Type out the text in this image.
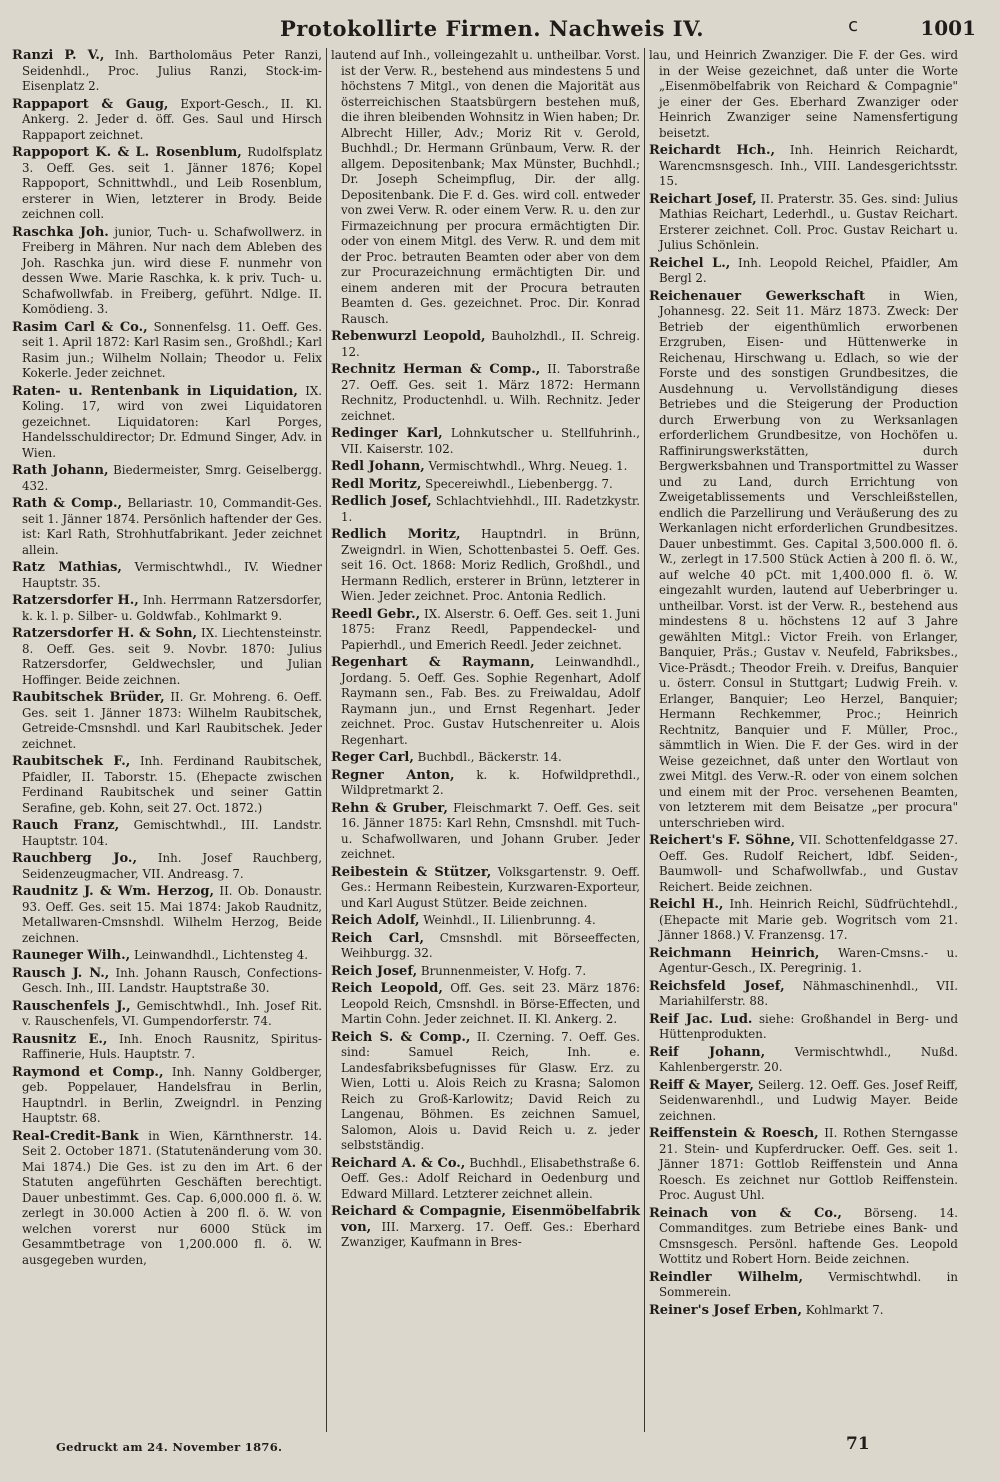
Protokollirte Firmen. Nachweis IV.	c	1001

Ranzi P. V., Inh. Bartholomäus Peter Ranzi, Seidenhdl., Proc. Julius Ranzi, Stock-im-Eisenplatz 2.

Rappaport & Gaug, Export-Gesch., II. Kl. Ankerg. 2. Jeder d. öff. Ges. Saul und Hirsch Rappaport zeichnet.

Rappoport K. & L. Rosenblum, Rudolfsplatz 3. Oeff. Ges. seit 1. Jänner 1876; Kopel Rappoport, Schnittwhdl., und Leib Rosenblum, ersterer in Wien, letzterer in Brody. Beide zeichnen coll.

Raschka Joh. junior, Tuch- u. Schafwollwerz. in Freiberg in Mähren. Nur nach dem Ableben des Joh. Raschka jun. wird diese F. nunmehr von dessen Wwe. Marie Raschka, k. k priv. Tuch- u. Schafwollwfab. in Freiberg, geführt. Ndlge. II. Komödieng. 3.

Rasim Carl & Co., Sonnenfelsg. 11. Oeff. Ges. seit 1. April 1872: Karl Rasim sen., Großhdl.; Karl Rasim jun.; Wilhelm Nollain; Theodor u. Felix Kokerle. Jeder zeichnet.

Raten- u. Rentenbank in Liquidation, IX. Koling. 17, wird von zwei Liquidatoren gezeichnet. Liquidatoren: Karl Porges, Handelsschuldirector; Dr. Edmund Singer, Adv. in Wien.

Rath Johann, Biedermeister, Smrg. Geiselbergg. 432.

Rath & Comp., Bellariastr. 10, Commandit-Ges. seit 1. Jänner 1874. Persönlich haftender der Ges. ist: Karl Rath, Strohhutfabrikant. Jeder zeichnet allein.

Ratz Mathias, Vermischtwhdl., IV. Wiedner Hauptstr. 35.

Ratzersdorfer H., Inh. Herrmann Ratzersdorfer, k. k. l. p. Silber- u. Goldwfab., Kohlmarkt 9.

Ratzersdorfer H. & Sohn, IX. Liechtensteinstr. 8. Oeff. Ges. seit 9. Novbr. 1870: Julius Ratzersdorfer, Geldwechsler, und Julian Hoffinger. Beide zeichnen.

Raubitschek Brüder, II. Gr. Mohreng. 6. Oeff. Ges. seit 1. Jänner 1873: Wilhelm Raubitschek, Getreide-Cmsnshdl. und Karl Raubitschek. Jeder zeichnet.

Raubitschek F., Inh. Ferdinand Raubitschek, Pfaidler, II. Taborstr. 15. (Ehepacte zwischen Ferdinand Raubitschek und seiner Gattin Serafine, geb. Kohn, seit 27. Oct. 1872.)

Rauch Franz, Gemischtwhdl., III. Landstr. Hauptstr. 104.

Rauchberg Jo., Inh. Josef Rauchberg, Seidenzeugmacher, VII. Andreasg. 7.

Raudnitz J. & Wm. Herzog, II. Ob. Donaustr. 93. Oeff. Ges. seit 15. Mai 1874: Jakob Raudnitz, Metallwaren-Cmsnshdl. Wilhelm Herzog, Beide zeichnen.

Rauneger Wilh., Leinwandhdl., Lichtensteg 4.

Rausch J. N., Inh. Johann Rausch, Confections-Gesch. Inh., III. Landstr. Hauptstraße 30.

Rauschenfels J., Gemischtwhdl., Inh. Josef Rit. v. Rauschenfels, VI. Gumpendorferstr. 74.

Rausnitz E., Inh. Enoch Rausnitz, Spiritus-Raffinerie, Huls. Hauptstr. 7.

Raymond et Comp., Inh. Nanny Goldberger, geb. Poppelauer, Handelsfrau in Berlin, Hauptndrl. in Berlin, Zweigndrl. in Penzing Hauptstr. 68.

Real-Credit-Bank in Wien, Kärnthnerstr. 14. Seit 2. October 1871. (Statutenänderung vom 30. Mai 1874.) Die Ges. ist zu den im Art. 6 der Statuten angeführten Geschäften berechtigt. Dauer unbestimmt. Ges. Cap. 6,000.000 fl. ö. W. zerlegt in 30.000 Actien à 200 fl. ö. W. von welchen vorerst nur 6000 Stück im Gesammtbetrage von 1,200.000 fl. ö. W. ausgegeben wurden,

lautend auf Inh., volleingezahlt u. untheilbar. Vorst. ist der Verw. R., bestehend aus mindestens 5 und höchstens 7 Mitgl., von denen die Majorität aus österreichischen Staatsbürgern bestehen muß, die ihren bleibenden Wohnsitz in Wien haben; Dr. Albrecht Hiller, Adv.; Moriz Rit v. Gerold, Buchhdl.; Dr. Hermann Grünbaum, Verw. R. der allgem. Depositenbank; Max Münster, Buchhdl.; Dr. Joseph Scheimpflug, Dir. der allg. Depositenbank. Die F. d. Ges. wird coll. entweder von zwei Verw. R. oder einem Verw. R. u. den zur Firmazeichnung per procura ermächtigten Dir. oder von einem Mitgl. des Verw. R. und dem mit der Proc. betrauten Beamten oder aber von dem zur Procurazeichnung ermächtigten Dir. und einem anderen mit der Procura betrauten Beamten d. Ges. gezeichnet. Proc. Dir. Konrad Rausch.

Rebenwurzl Leopold, Bauholzhdl., II. Schreig. 12.

Rechnitz Herman & Comp., II. Taborstraße 27. Oeff. Ges. seit 1. März 1872: Hermann Rechnitz, Productenhdl. u. Wilh. Rechnitz. Jeder zeichnet.

Redinger Karl, Lohnkutscher u. Stellfuhrinh., VII. Kaiserstr. 102.

Redl Johann, Vermischtwhdl., Whrg. Neueg. 1.

Redl Moritz, Specereiwhdl., Liebenbergg. 7.

Redlich Josef, Schlachtviehhdl., III. Radetzkystr. 1.

Redlich Moritz, Hauptndrl. in Brünn, Zweigndrl. in Wien, Schottenbastei 5. Oeff. Ges. seit 16. Oct. 1868: Moriz Redlich, Großhdl., und Hermann Redlich, ersterer in Brünn, letzterer in Wien. Jeder zeichnet. Proc. Antonia Redlich.

Reedl Gebr., IX. Alserstr. 6. Oeff. Ges. seit 1. Juni 1875: Franz Reedl, Pappendeckel- und Papierhdl., und Emerich Reedl. Jeder zeichnet.

Regenhart & Raymann, Leinwandhdl., Jordang. 5. Oeff. Ges. Sophie Regenhart, Adolf Raymann sen., Fab. Bes. zu Freiwaldau, Adolf Raymann jun., und Ernst Regenhart. Jeder zeichnet. Proc. Gustav Hutschenreiter u. Alois Regenhart.

Reger Carl, Buchbdl., Bäckerstr. 14.

Regner Anton, k. k. Hofwildprethdl., Wildpretmarkt 2.

Rehn & Gruber, Fleischmarkt 7. Oeff. Ges. seit 16. Jänner 1875: Karl Rehn, Cmsnshdl. mit Tuch- u. Schafwollwaren, und Johann Gruber. Jeder zeichnet.

Reibestein & Stützer, Volksgartenstr. 9. Oeff. Ges.: Hermann Reibestein, Kurzwaren-Exporteur, und Karl August Stützer. Beide zeichnen.

Reich Adolf, Weinhdl., II. Lilienbrunng. 4.

Reich Carl, Cmsnshdl. mit Börseeffecten, Weihburgg. 32.

Reich Josef, Brunnenmeister, V. Hofg. 7.

Reich Leopold, Off. Ges. seit 23. März 1876: Leopold Reich, Cmsnshdl. in Börse-Effecten, und Martin Cohn. Jeder zeichnet. II. Kl. Ankerg. 2.

Reich S. & Comp., II. Czerning. 7. Oeff. Ges. sind: Samuel Reich, Inh. e. Landesfabriksbefugnisses für Glasw. Erz. zu Wien, Lotti u. Alois Reich zu Krasna; Salomon Reich zu Groß-Karlowitz; David Reich zu Langenau, Böhmen. Es zeichnen Samuel, Salomon, Alois u. David Reich u. z. jeder selbstständig.

Reichard A. & Co., Buchhdl., Elisabethstraße 6. Oeff. Ges.: Adolf Reichard in Oedenburg und Edward Millard. Letzterer zeichnet allein.

Reichard & Compagnie, Eisenmöbelfabrik von, III. Marxerg. 17. Oeff. Ges.: Eberhard Zwanziger, Kaufmann in Bres-

lau, und Heinrich Zwanziger. Die F. der Ges. wird in der Weise gezeichnet, daß unter die Worte „Eisenmöbelfabrik von Reichard & Compagnie" je einer der Ges. Eberhard Zwanziger oder Heinrich Zwanziger seine Namensfertigung beisetzt.

Reichardt Hch., Inh. Heinrich Reichardt, Warencmsnsgesch. Inh., VIII. Landesgerichtsstr. 15.

Reichart Josef, II. Praterstr. 35. Ges. sind: Julius Mathias Reichart, Lederhdl., u. Gustav Reichart. Ersterer zeichnet. Coll. Proc. Gustav Reichart u. Julius Schönlein.

Reichel L., Inh. Leopold Reichel, Pfaidler, Am Bergl 2.

Reichenauer Gewerkschaft in Wien, Johannesg. 22. Seit 11. März 1873. Zweck: Der Betrieb der eigenthümlich erworbenen Erzgruben, Eisen- und Hüttenwerke in Reichenau, Hirschwang u. Edlach, so wie der Forste und des sonstigen Grundbesitzes, die Ausdehnung u. Vervollständigung dieses Betriebes und die Steigerung der Production durch Erwerbung von zu Werksanlagen erforderlichem Grundbesitze, von Hochöfen u. Raffinirungswerkstätten, durch Bergwerksbahnen und Transportmittel zu Wasser und zu Land, durch Errichtung von Zweigetablissements und Verschleißstellen, endlich die Parzellirung und Veräußerung des zu Werkanlagen nicht erforderlichen Grundbesitzes. Dauer unbestimmt. Ges. Capital 3,500.000 fl. ö. W., zerlegt in 17.500 Stück Actien à 200 fl. ö. W., auf welche 40 pCt. mit 1,400.000 fl. ö. W. eingezahlt wurden, lautend auf Ueberbringer u. untheilbar. Vorst. ist der Verw. R., bestehend aus mindestens 8 u. höchstens 12 auf 3 Jahre gewählten Mitgl.: Victor Freih. von Erlanger, Banquier, Präs.; Gustav v. Neufeld, Fabriksbes., Vice-Präsdt.; Theodor Freih. v. Dreifus, Banquier u. österr. Consul in Stuttgart; Ludwig Freih. v. Erlanger, Banquier; Leo Herzel, Banquier; Hermann Rechkemmer, Proc.; Heinrich Rechtnitz, Banquier und F. Müller, Proc., sämmtlich in Wien. Die F. der Ges. wird in der Weise gezeichnet, daß unter den Wortlaut von zwei Mitgl. des Verw.-R. oder von einem solchen und einem mit der Proc. versehenen Beamten, von letzterem mit dem Beisatze „per procura" unterschrieben wird.

Reichert's F. Söhne, VII. Schottenfeldgasse 27. Oeff. Ges. Rudolf Reichert, ldbf. Seiden-, Baumwoll- und Schafwollwfab., und Gustav Reichert. Beide zeichnen.

Reichl H., Inh. Heinrich Reichl, Südfrüchtehdl., (Ehepacte mit Marie geb. Wogritsch vom 21. Jänner 1868.) V. Franzensg. 17.

Reichmann Heinrich, Waren-Cmsns.- u. Agentur-Gesch., IX. Peregrinig. 1.

Reichsfeld Josef, Nähmaschinenhdl., VII. Mariahilferstr. 88.

Reif Jac. Lud. siehe: Großhandel in Berg- und Hüttenprodukten.

Reif Johann,	Vermischtwhdl., Nußd. Kahlenbergerstr. 20.

Reiff & Mayer, Seilerg. 12. Oeff. Ges. Josef Reiff, Seidenwarenhdl., und Ludwig Mayer. Beide zeichnen.

Reiffenstein & Roesch, II. Rothen Sterngasse 21. Stein- und Kupferdrucker. Oeff. Ges. seit 1. Jänner 1871: Gottlob Reiffenstein und Anna Roesch. Es zeichnet nur Gottlob Reiffenstein. Proc. August Uhl.

Reinach von & Co., Börseng. 14. Commanditges. zum Betriebe eines Bank- und Cmsnsgesch. Persönl. haftende Ges. Leopold Wottitz und Robert Horn. Beide zeichnen.

Reindler Wilhelm, Vermischtwhdl. in Sommerein.

Reiner's Josef Erben, Kohlmarkt 7.

Gedruckt am 24. November 1876.	71
